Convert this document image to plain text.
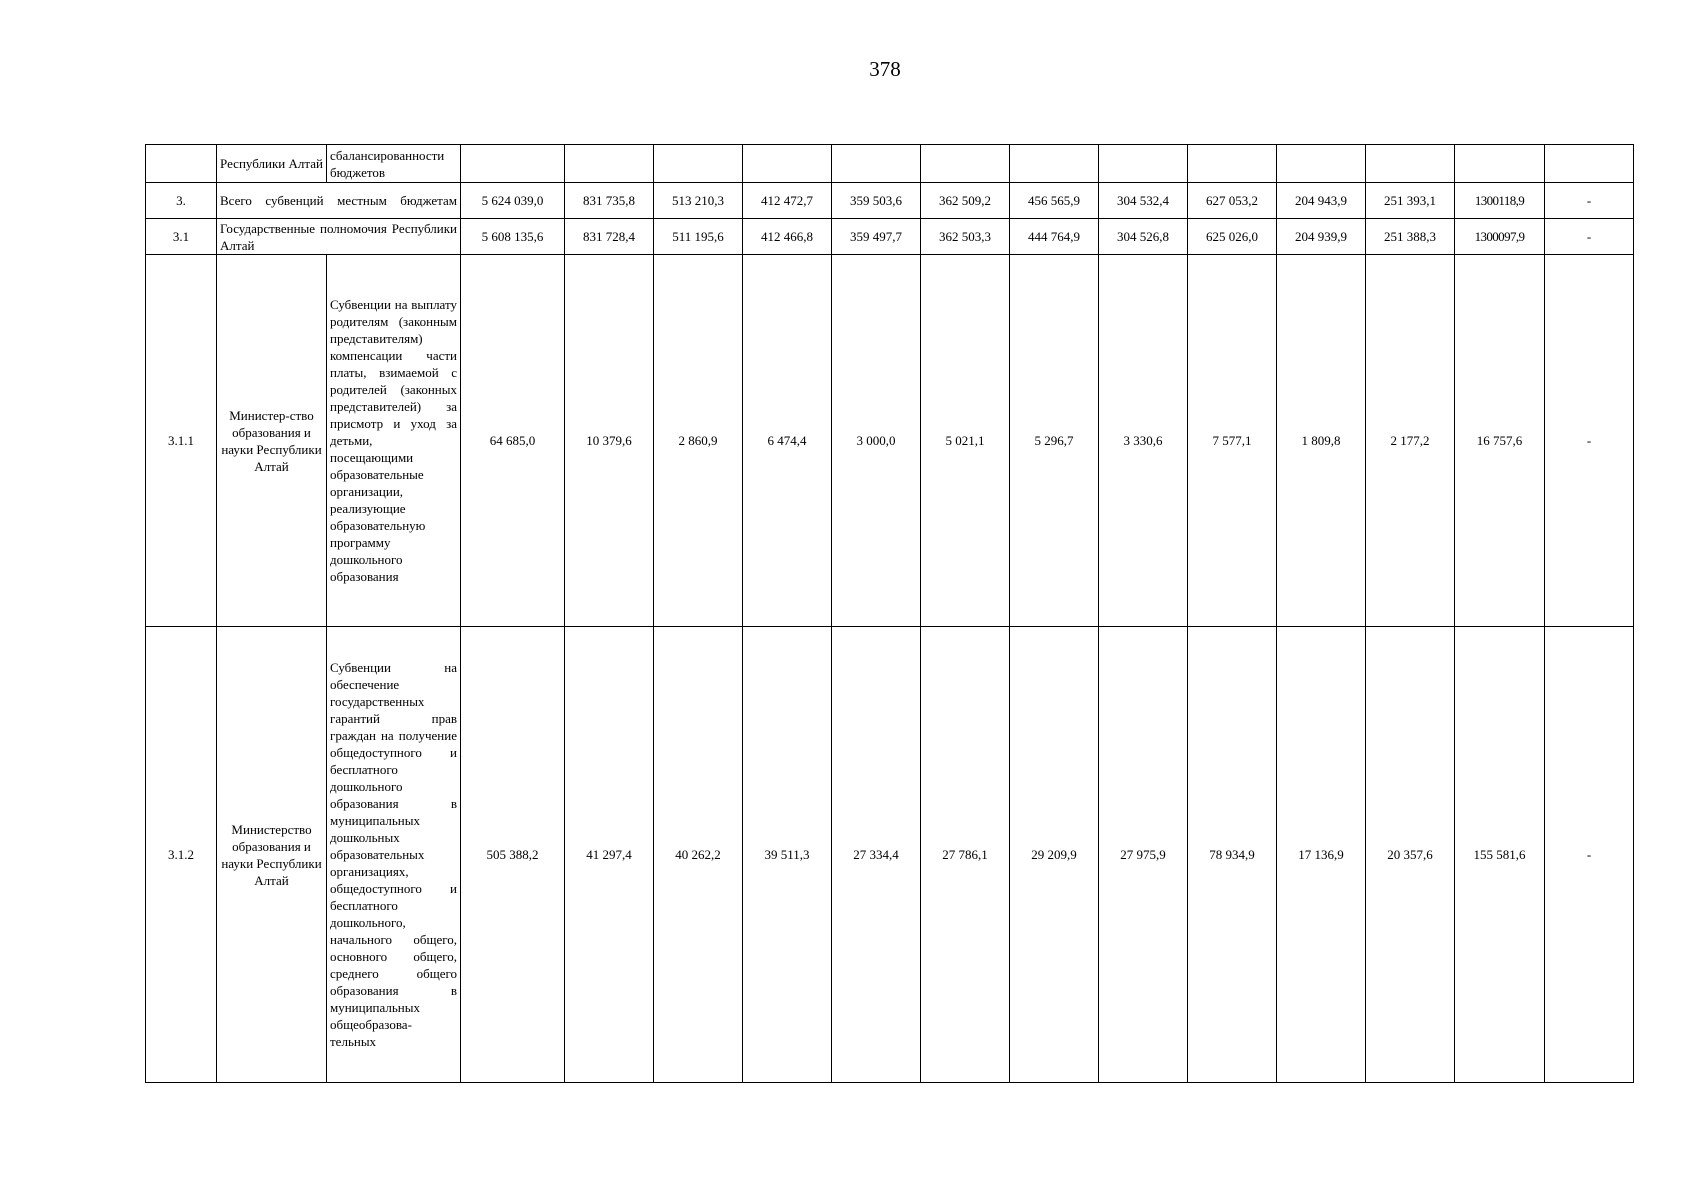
378
	Республики Алтай	сбалансированности бюджетов													
3.	Всего субвенций местным бюджетам		5 624 039,0	831 735,8	513 210,3	412 472,7	359 503,6	362 509,2	456 565,9	304 532,4	627 053,2	204 943,9	251 393,1	1300118,9	-
3.1	Государственные полномочия Республики Алтай		5 608 135,6	831 728,4	511 195,6	412 466,8	359 497,7	362 503,3	444 764,9	304 526,8	625 026,0	204 939,9	251 388,3	1300097,9	-
3.1.1	Министер-ство образования и науки Республики Алтай	Субвенции на выплату родителям (законным представителям) компенсации части платы, взимаемой с родителей (законных представителей) за присмотр и уход за детьми, посещающими образовательные организации, реализующие образовательную программу дошкольного образования	64 685,0	10 379,6	2 860,9	6 474,4	3 000,0	5 021,1	5 296,7	3 330,6	7 577,1	1 809,8	2 177,2	16 757,6	-
3.1.2	Министерство образования и науки Республики Алтай	Субвенции на обеспечение государственных гарантий прав граждан на получение общедоступного и бесплатного дошкольного образования в муниципальных дошкольных образовательных организациях, общедоступного и бесплатного дошкольного, начального общего, основного общего, среднего общего образования в муниципальных общеобразова-тельных	505 388,2	41 297,4	40 262,2	39 511,3	27 334,4	27 786,1	29 209,9	27 975,9	78 934,9	17 136,9	20 357,6	155 581,6	-
